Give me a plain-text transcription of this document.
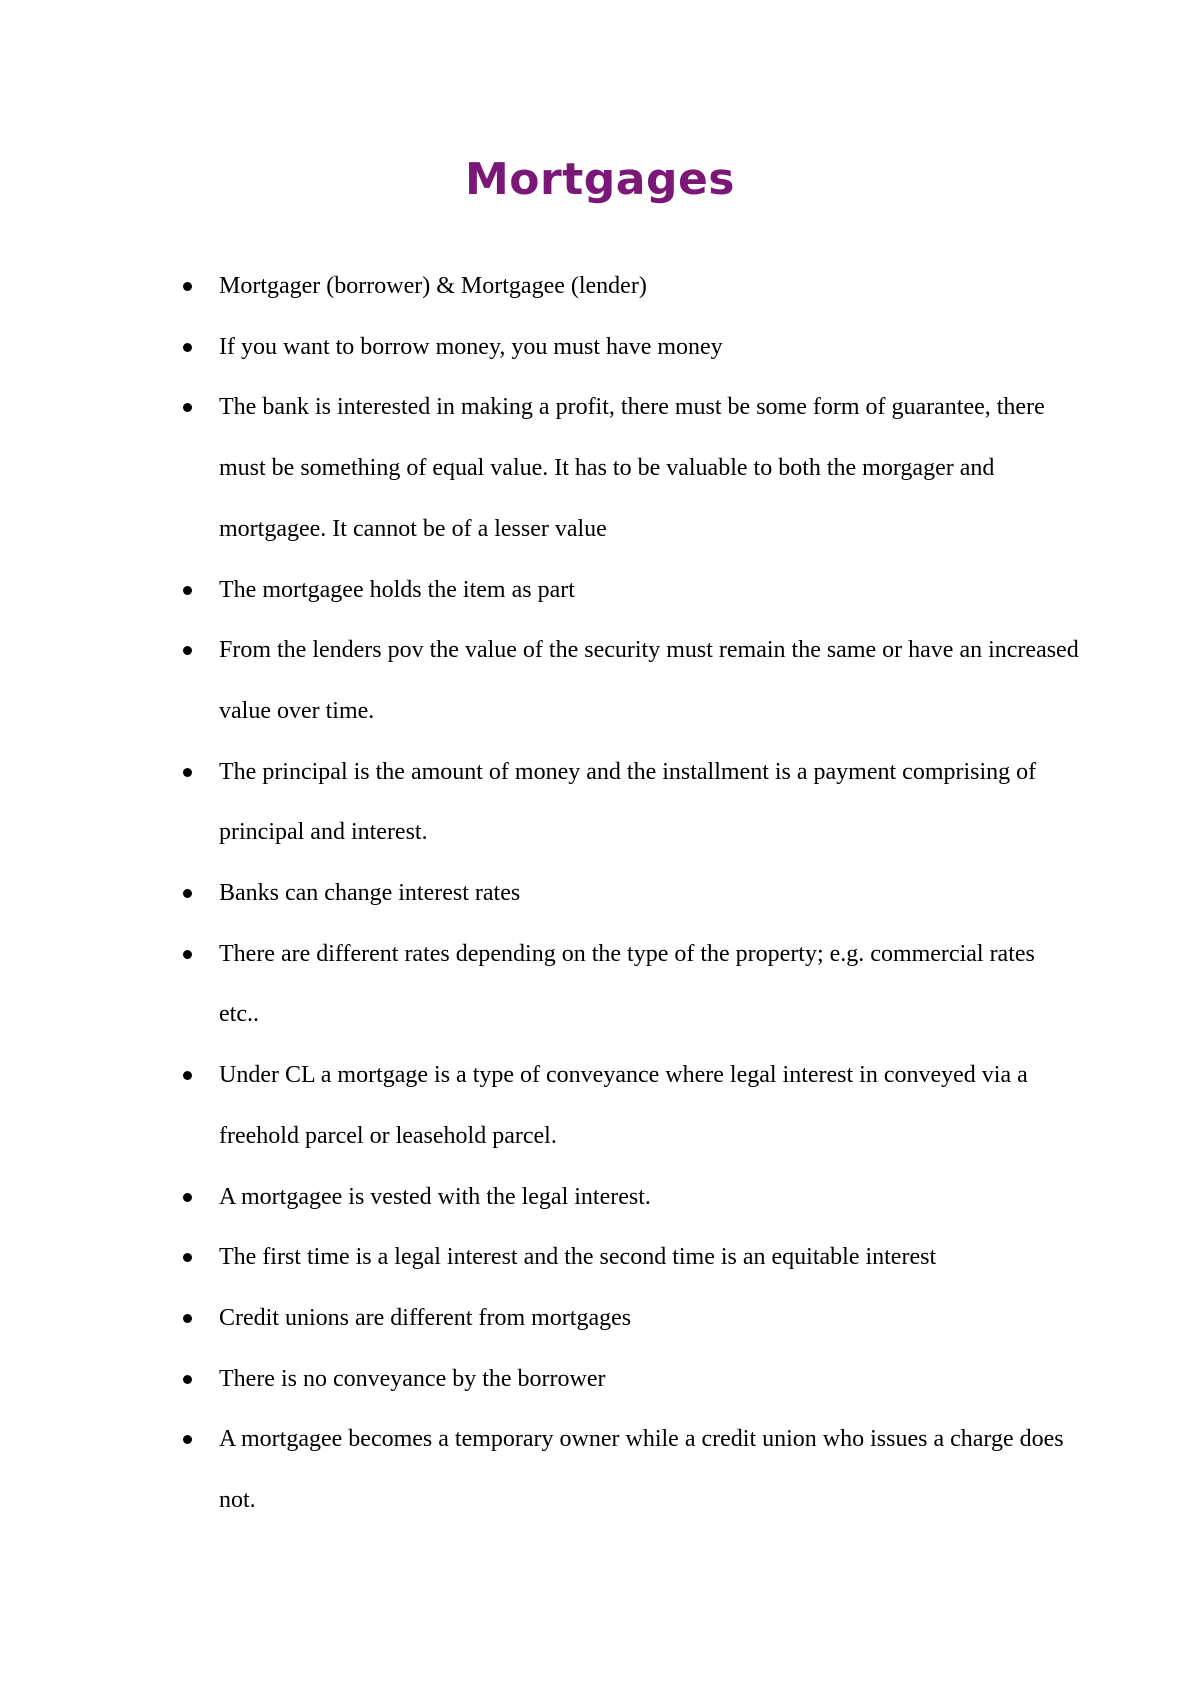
Mortgages
Mortgager (borrower) & Mortgagee (lender)
If you want to borrow money, you must have money
The bank is interested in making a profit, there must be some form of guarantee, there must be something of equal value. It has to be valuable to both the morgager and mortgagee. It cannot be of a lesser value
The mortgagee holds the item as part
From the lenders pov the value of the security must remain the same or have an increased value over time.
The principal is the amount of money and the installment is a payment comprising of principal and interest.
Banks can change interest rates
There are different rates depending on the type of the property; e.g. commercial rates etc..
Under CL a mortgage is a type of conveyance where legal interest in conveyed via a freehold parcel or leasehold parcel.
A mortgagee is vested with the legal interest.
The first time is a legal interest and the second time is an equitable interest
Credit unions are different from mortgages
There is no conveyance by the borrower
A mortgagee becomes a temporary owner while a credit union who issues a charge does not.
